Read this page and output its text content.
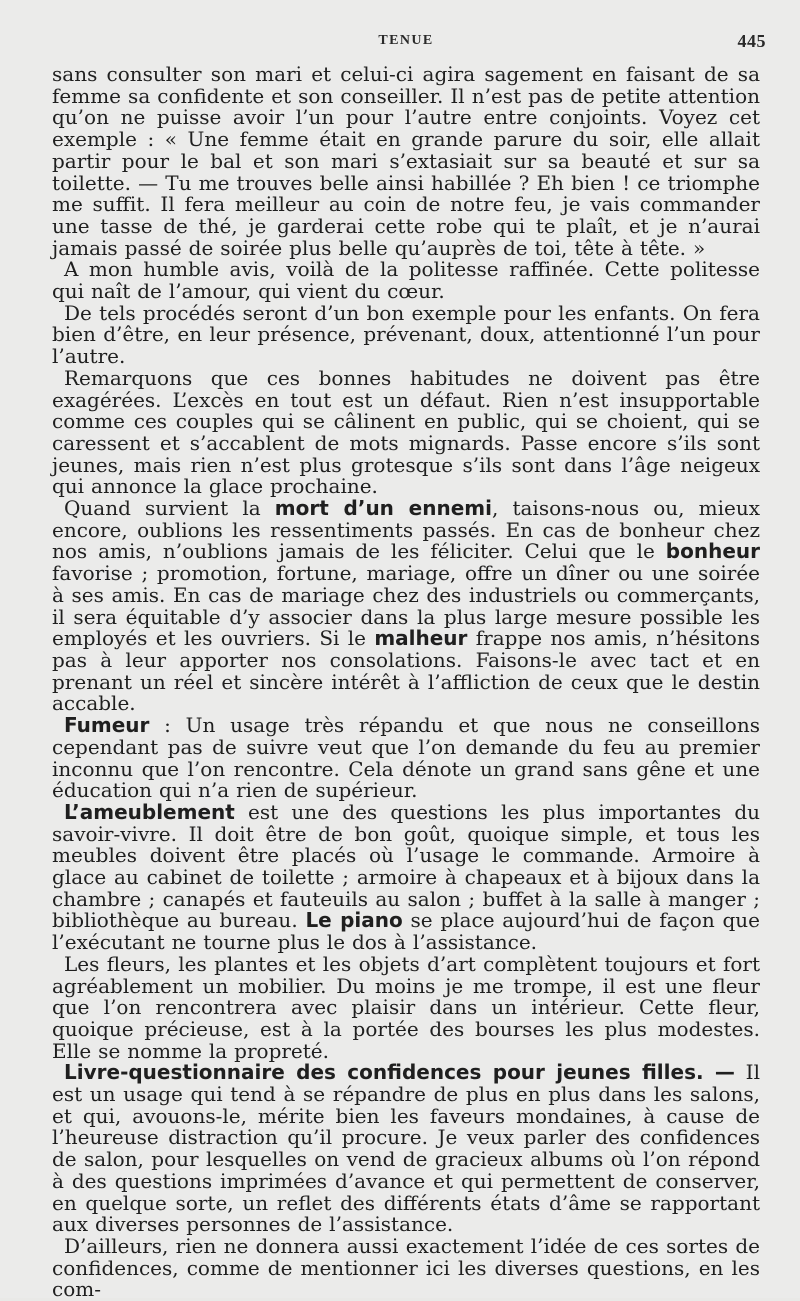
TENUE	445

sans consulter son mari et celui-ci agira sagement en faisant de sa femme sa confidente et son conseiller. Il n’est pas de petite attention qu’on ne puisse avoir l’un pour l’autre entre conjoints. Voyez cet exemple : « Une femme était en grande parure du soir, elle allait partir pour le bal et son mari s’extasiait sur sa beauté et sur sa toilette. — Tu me trouves belle ainsi habillée ? Eh bien ! ce triomphe me suffit. Il fera meilleur au coin de notre feu, je vais commander une tasse de thé, je garderai cette robe qui te plaît, et je n’aurai jamais passé de soirée plus belle qu’auprès de toi, tête à tête. »

A mon humble avis, voilà de la politesse raffinée. Cette politesse qui naît de l’amour, qui vient du cœur.

De tels procédés seront d’un bon exemple pour les enfants. On fera bien d’être, en leur présence, prévenant, doux, attentionné l’un pour l’autre.

Remarquons que ces bonnes habitudes ne doivent pas être exagérées. L’excès en tout est un défaut. Rien n’est insupportable comme ces couples qui se câlinent en public, qui se choient, qui se caressent et s’accablent de mots mignards. Passe encore s’ils sont jeunes, mais rien n’est plus grotesque s’ils sont dans l’âge neigeux qui annonce la glace prochaine.

Quand survient la mort d’un ennemi, taisons-nous ou, mieux encore, oublions les ressentiments passés. En cas de bonheur chez nos amis, n’oublions jamais de les féliciter. Celui que le bonheur favorise ; promotion, fortune, mariage, offre un dîner ou une soirée à ses amis. En cas de mariage chez des industriels ou commerçants, il sera équitable d’y associer dans la plus large mesure possible les employés et les ouvriers. Si le malheur frappe nos amis, n’hésitons pas à leur apporter nos consolations. Faisons-le avec tact et en prenant un réel et sincère intérêt à l’affliction de ceux que le destin accable.

Fumeur : Un usage très répandu et que nous ne conseillons cependant pas de suivre veut que l’on demande du feu au premier inconnu que l’on rencontre. Cela dénote un grand sans gêne et une éducation qui n’a rien de supérieur.

L’ameublement est une des questions les plus importantes du savoir-vivre. Il doit être de bon goût, quoique simple, et tous les meubles doivent être placés où l’usage le commande. Armoire à glace au cabinet de toilette ; armoire à chapeaux et à bijoux dans la chambre ; canapés et fauteuils au salon ; buffet à la salle à manger ; bibliothèque au bureau. Le piano se place aujourd’hui de façon que l’exécutant ne tourne plus le dos à l’assistance.

Les fleurs, les plantes et les objets d’art complètent toujours et fort agréablement un mobilier. Du moins je me trompe, il est une fleur que l’on rencontrera avec plaisir dans un intérieur. Cette fleur, quoique précieuse, est à la portée des bourses les plus modestes. Elle se nomme la propreté.

Livre-questionnaire des confidences pour jeunes filles. — Il est un usage qui tend à se répandre de plus en plus dans les salons, et qui, avouons-le, mérite bien les faveurs mondaines, à cause de l’heureuse distraction qu’il procure. Je veux parler des confidences de salon, pour lesquelles on vend de gracieux albums où l’on répond à des questions imprimées d’avance et qui permettent de conserver, en quelque sorte, un reflet des différents états d’âme se rapportant aux diverses personnes de l’assistance.

D’ailleurs, rien ne donnera aussi exactement l’idée de ces sortes de confidences, comme de mentionner ici les diverses questions, en les com-
